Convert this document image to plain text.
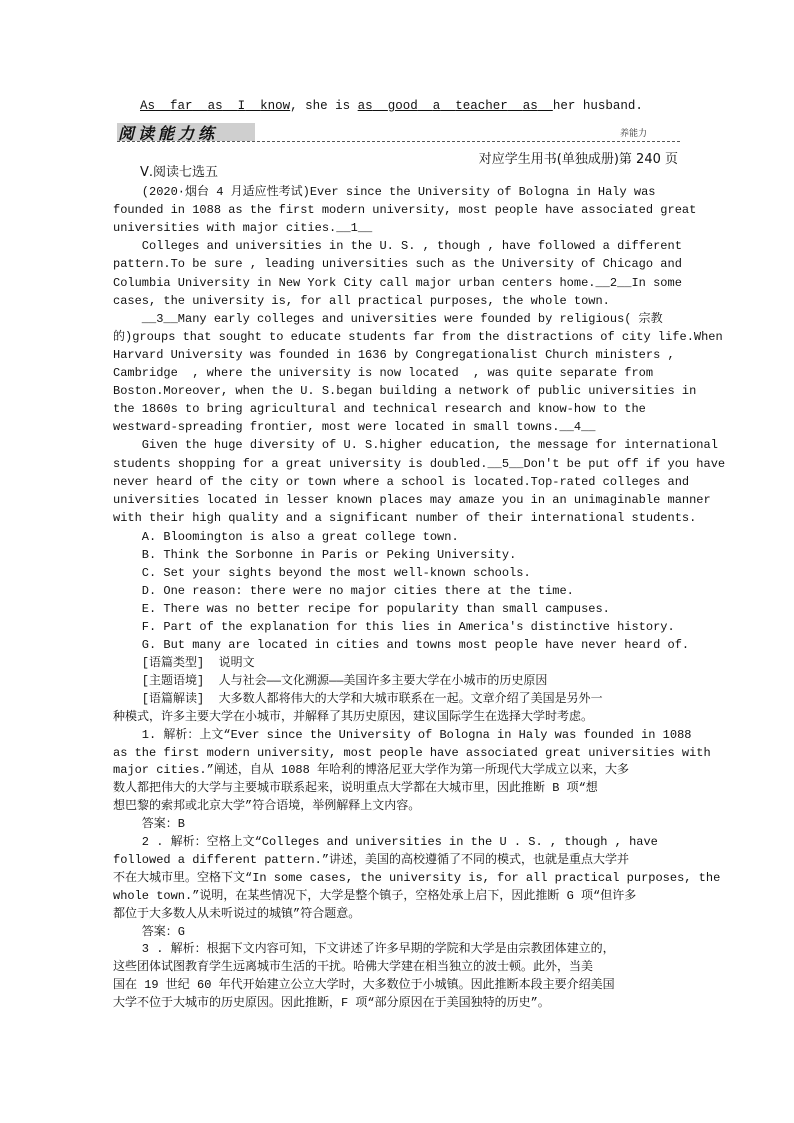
As far as I know, she is as good a teacher as her husband.
阅读能力练	养能力
对应学生用书(单独成册)第 240 页
Ⅴ.阅读七选五
(2020·烟台 4 月适应性考试)Ever since the University of Bologna in Haly was
founded in 1088 as the first modern university, most people have associated great
universities with major cities.__1__
Colleges and universities in the U. S. , though , have followed a different
pattern.To be sure , leading universities such as the University of Chicago and
Columbia University in New York City call major urban centers home.__2__In some
cases, the university is, for all practical purposes, the whole town.
__3__Many early colleges and universities were founded by religious( 宗教
的)groups that sought to educate students far from the distractions of city life.When
Harvard University was founded in 1636 by Congregationalist Church ministers ,
Cambridge  , where the university is now located  , was quite separate from
Boston.Moreover, when the U. S.began building a network of public universities in
the 1860s to bring agricultural and technical research and know-how to the
westward-spreading frontier, most were located in small towns.__4__
Given the huge diversity of U. S.higher education, the message for international
students shopping for a great university is doubled.__5__Don't be put off if you have
never heard of the city or town where a school is located.Top-rated colleges and
universities located in lesser known places may amaze you in an unimaginable manner
with their high quality and a significant number of their international students.
A. Bloomington is also a great college town.
B. Think the Sorbonne in Paris or Peking University.
C. Set your sights beyond the most well-known schools.
D. One reason: there were no major cities there at the time.
E. There was no better recipe for popularity than small campuses.
F. Part of the explanation for this lies in America's distinctive history.
G. But many are located in cities and towns most people have never heard of.
[语篇类型]  说明文
[主题语境]  人与社会——文化溯源——美国许多主要大学在小城市的历史原因
[语篇解读]  大多数人都将伟大的大学和大城市联系在一起。文章介绍了美国是另外一
种模式，许多主要大学在小城市，并解释了其历史原因，建议国际学生在选择大学时考虑。
1. 解析：上文“Ever since the University of Bologna in Haly was founded in 1088
as the first modern university, most people have associated great universities with
major cities.”阐述，自从 1088 年哈利的博洛尼亚大学作为第一所现代大学成立以来，大多
数人都把伟大的大学与主要城市联系起来，说明重点大学都在大城市里，因此推断 B 项“想
想巴黎的索邦或北京大学”符合语境，举例解释上文内容。
答案：B
2 . 解析：空格上文“Colleges and universities in the U . S. , though , have
followed a different pattern.”讲述，美国的高校遵循了不同的模式，也就是重点大学并
不在大城市里。空格下文“In some cases, the university is, for all practical purposes, the
whole town.”说明，在某些情况下，大学是整个镇子，空格处承上启下，因此推断 G 项“但许多
都位于大多数人从未听说过的城镇”符合题意。
答案：G
3 . 解析：根据下文内容可知，下文讲述了许多早期的学院和大学是由宗教团体建立的，
这些团体试图教育学生远离城市生活的干扰。哈佛大学建在相当独立的波士顿。此外，当美
国在 19 世纪 60 年代开始建立公立大学时，大多数位于小城镇。因此推断本段主要介绍美国
大学不位于大城市的历史原因。因此推断，F 项“部分原因在于美国独特的历史”。
